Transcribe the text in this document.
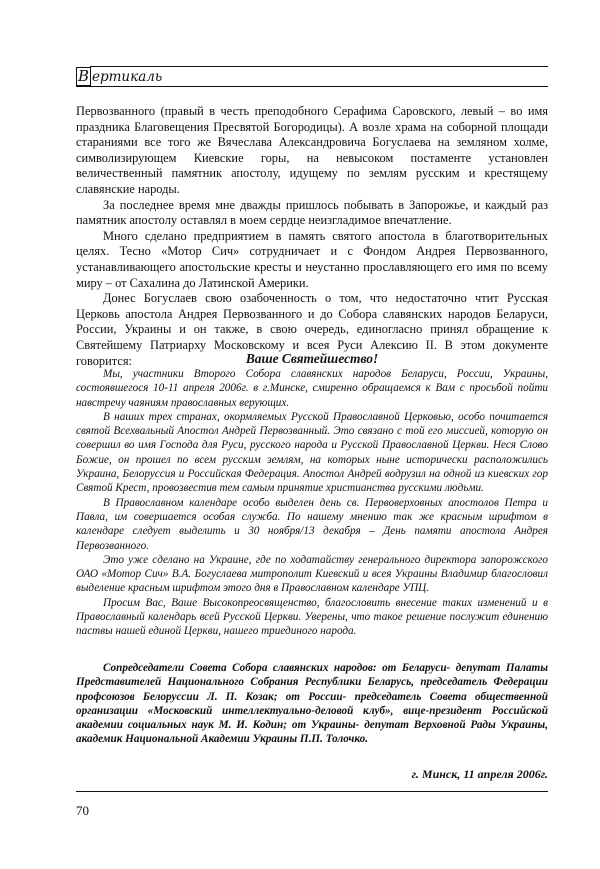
В ертикаль

Первозванного (правый в честь преподобного Серафима Саровского, левый – во имя праздника Благовещения Пресвятой Богородицы). А возле храма на соборной площади стараниями все того же Вячеслава Александровича Богуслаева на земляном холме, символизирующем Киевские горы, на невысоком постаменте установлен величественный памятник апостолу, идущему по землям русским и крестящему славянские народы.

За последнее время мне дважды пришлось побывать в Запорожье, и каждый раз памятник апостолу оставлял в моем сердце неизгладимое впечатление.

Много сделано предприятием в память святого апостола в благотворительных целях. Тесно «Мотор Сич» сотрудничает и с Фондом Андрея Первозванного, устанавливающего апостольские кресты и неустанно прославляющего его имя по всему миру – от Сахалина до Латинской Америки.

Донес Богуслаев свою озабоченность о том, что недостаточно чтит Русская Церковь апостола Андрея Первозванного и до Собора славянских народов Беларуси, России, Украины и он также, в свою очередь, единогласно принял обращение к Святейшему Патриарху Московскому и всея Руси Алексию II. В этом документе говорится:	Ваше Святейшество!

Мы, участники Второго Собора славянских народов Беларуси, России, Украины, состоявшегося 10-11 апреля 2006г. в г.Минске, смиренно обращаемся к Вам с просьбой пойти навстречу чаяниям православных верующих.

В наших трех странах, окормляемых Русской Православной Церковью, особо почитается святой Всехвальный Апостол Андрей Первозванный. Это связано с той его миссией, которую он совершил во имя Господа для Руси, русского народа и Русской Православной Церкви. Неся Слово Божие, он прошел по всем русским землям, на которых ныне исторически расположились Украина, Белоруссия и Российская Федерация. Апостол Андрей водрузил на одной из киевских гор Святой Крест, провозвестив тем самым принятие христианства русскими людьми.

В Православном календаре особо выделен день св. Первоверховных апостолов Петра и Павла, им совершается особая служба. По нашему мнению так же красным шрифтом в календаре следует выделить и 30 ноября/13 декабря – День памяти апостола Андрея Первозванного.

Это уже сделано на Украине, где по ходатайству генерального директора запорожского ОАО «Мотор Сич» В.А. Богуслаева митрополит Киевский и всея Украины Владимир благословил выделение красным шрифтом этого дня в Православном календаре УПЦ.

Просим Вас, Ваше Высокопреосвященство, благословить внесение таких изменений и в Православный календарь всей Русской Церкви. Уверены, что такое решение послужит единению паствы нашей единой Церкви, нашего триединого народа.

Сопредседатели Совета Собора славянских народов: от Беларуси- депутат Палаты Представителей Национального Собрания Республики Беларусь, председатель Федерации профсоюзов Белоруссии Л. П. Козак; от России- председатель Совета общественной организации «Московский интеллектуально-деловой клуб», вице-президент Российской академии социальных наук М. И. Кодин; от Украины- депутат Верховной Рады Украины, академик Национальной Академии Украины П.П. Толочко.

г. Минск, 11 апреля 2006г.
70
